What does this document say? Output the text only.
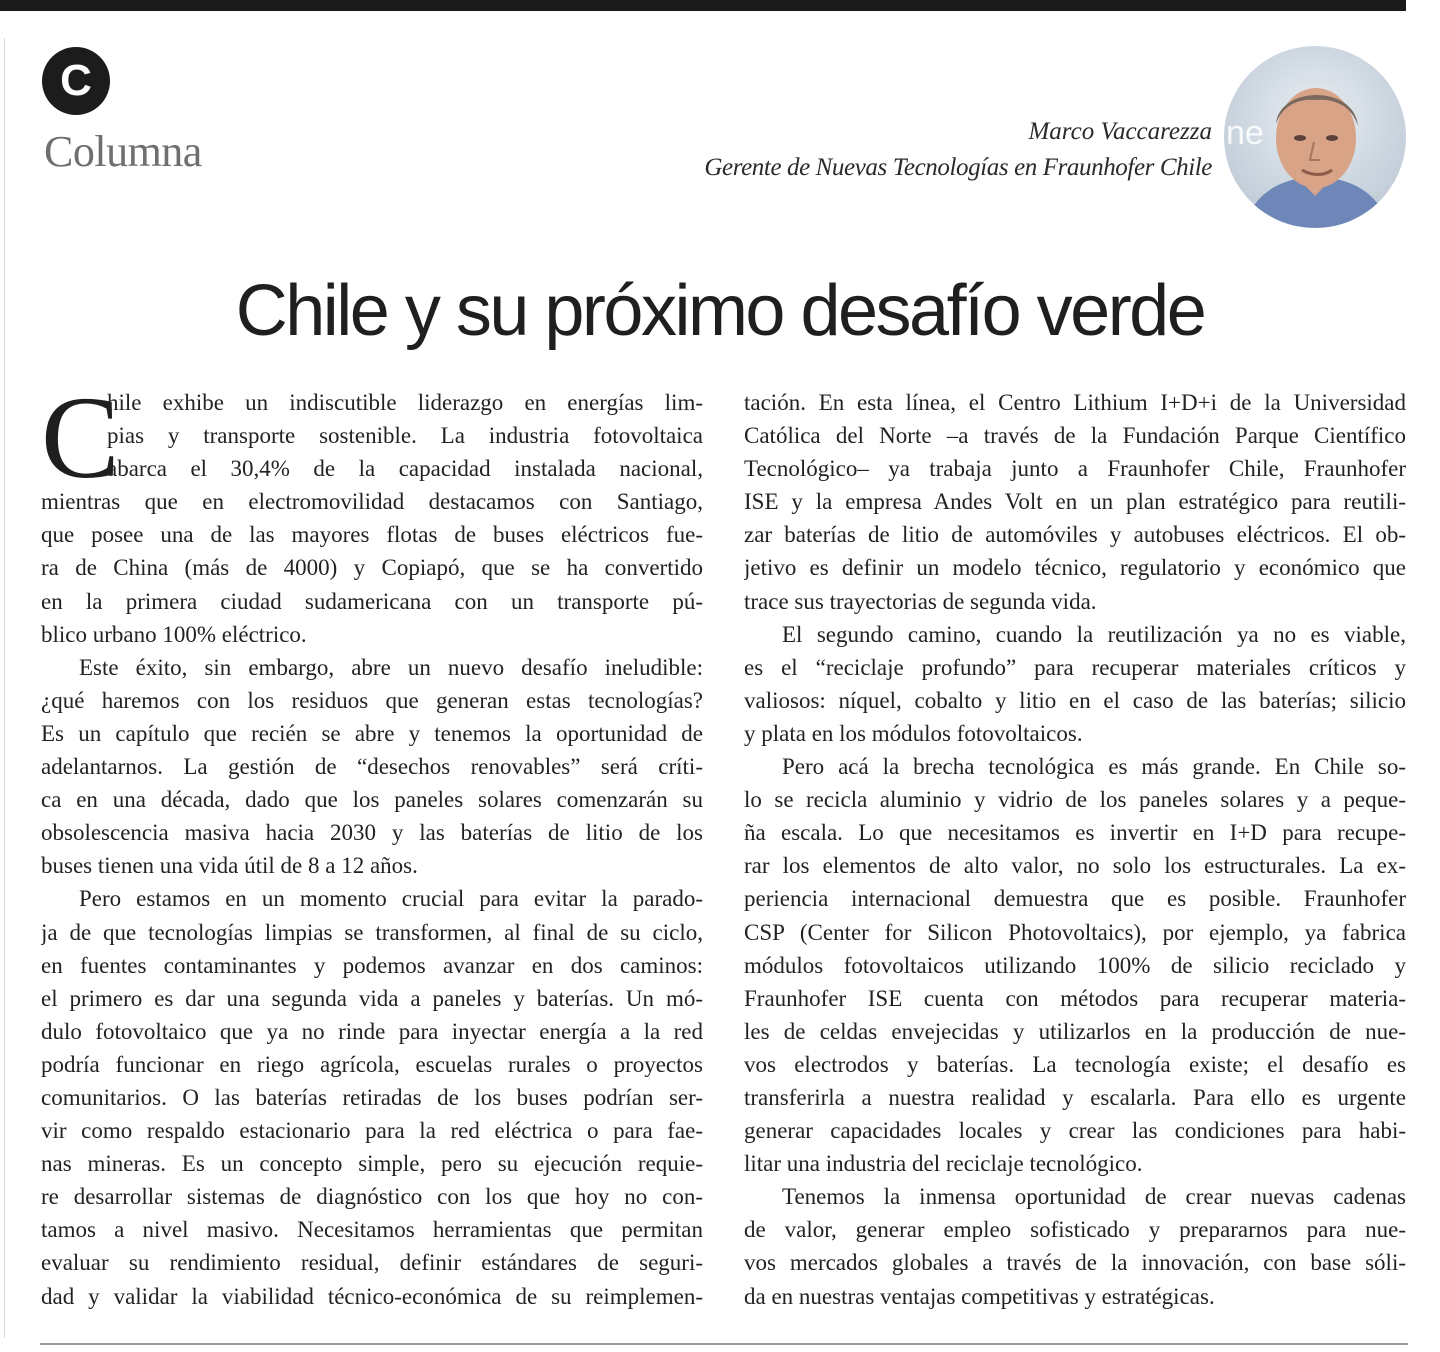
C
Columna	Marco Vaccarezza
Gerente de Nuevas Tecnologías en Fraunhofer Chile
ne
Chile y su próximo desafío verde
C
hile exhibe un indiscutible liderazgo en energías lim-
pias y transporte sostenible. La industria fotovoltaica
abarca el 30,4% de la capacidad instalada nacional,
mientras que en electromovilidad destacamos con Santiago,
que posee una de las mayores flotas de buses eléctricos fue-
ra de China (más de 4000) y Copiapó, que se ha convertido
en la primera ciudad sudamericana con un transporte pú-
blico urbano 100% eléctrico.
Este éxito, sin embargo, abre un nuevo desafío ineludible:
¿qué haremos con los residuos que generan estas tecnologías?
Es un capítulo que recién se abre y tenemos la oportunidad de
adelantarnos. La gestión de “desechos renovables” será críti-
ca en una década, dado que los paneles solares comenzarán su
obsolescencia masiva hacia 2030 y las baterías de litio de los
buses tienen una vida útil de 8 a 12 años.
Pero estamos en un momento crucial para evitar la parado-
ja de que tecnologías limpias se transformen, al final de su ciclo,
en fuentes contaminantes y podemos avanzar en dos caminos:
el primero es dar una segunda vida a paneles y baterías. Un mó-
dulo fotovoltaico que ya no rinde para inyectar energía a la red
podría funcionar en riego agrícola, escuelas rurales o proyectos
comunitarios. O las baterías retiradas de los buses podrían ser-
vir como respaldo estacionario para la red eléctrica o para fae-
nas mineras. Es un concepto simple, pero su ejecución requie-
re desarrollar sistemas de diagnóstico con los que hoy no con-
tamos a nivel masivo. Necesitamos herramientas que permitan
evaluar su rendimiento residual, definir estándares de seguri-
dad y validar la viabilidad técnico-económica de su reimplemen-
tación. En esta línea, el Centro Lithium I+D+i de la Universidad
Católica del Norte –a través de la Fundación Parque Científico
Tecnológico– ya trabaja junto a Fraunhofer Chile, Fraunhofer
ISE y la empresa Andes Volt en un plan estratégico para reutili-
zar baterías de litio de automóviles y autobuses eléctricos. El ob-
jetivo es definir un modelo técnico, regulatorio y económico que
trace sus trayectorias de segunda vida.
El segundo camino, cuando la reutilización ya no es viable,
es el “reciclaje profundo” para recuperar materiales críticos y
valiosos: níquel, cobalto y litio en el caso de las baterías; silicio
y plata en los módulos fotovoltaicos.
Pero acá la brecha tecnológica es más grande. En Chile so-
lo se recicla aluminio y vidrio de los paneles solares y a peque-
ña escala. Lo que necesitamos es invertir en I+D para recupe-
rar los elementos de alto valor, no solo los estructurales. La ex-
periencia internacional demuestra que es posible. Fraunhofer
CSP (Center for Silicon Photovoltaics), por ejemplo, ya fabrica
módulos fotovoltaicos utilizando 100% de silicio reciclado y
Fraunhofer ISE cuenta con métodos para recuperar materia-
les de celdas envejecidas y utilizarlos en la producción de nue-
vos electrodos y baterías. La tecnología existe; el desafío es
transferirla a nuestra realidad y escalarla. Para ello es urgente
generar capacidades locales y crear las condiciones para habi-
litar una industria del reciclaje tecnológico.
Tenemos la inmensa oportunidad de crear nuevas cadenas
de valor, generar empleo sofisticado y prepararnos para nue-
vos mercados globales a través de la innovación, con base sóli-
da en nuestras ventajas competitivas y estratégicas.
